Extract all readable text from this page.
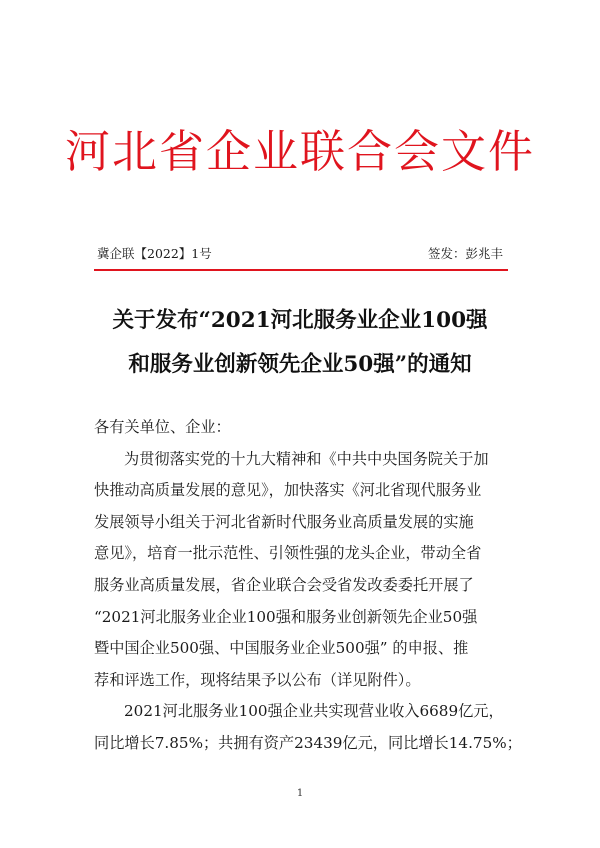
河北省企业联合会文件
冀企联【2022】1号	签发：彭兆丰
关于发布“2021河北服务业企业100强
和服务业创新领先企业50强”的通知
各有关单位、企业：
为贯彻落实党的十九大精神和《中共中央国务院关于加
快推动高质量发展的意见》，加快落实《河北省现代服务业
发展领导小组关于河北省新时代服务业高质量发展的实施
意见》，培育一批示范性、引领性强的龙头企业，带动全省
服务业高质量发展，省企业联合会受省发改委委托开展了
“2021河北服务业企业100强和服务业创新领先企业50强
暨中国企业500强、中国服务业企业500强” 的申报、推
荐和评选工作，现将结果予以公布（详见附件）。
2021河北服务业100强企业共实现营业收入6689亿元，
同比增长7.85%；共拥有资产23439亿元，同比增长14.75%；
1
